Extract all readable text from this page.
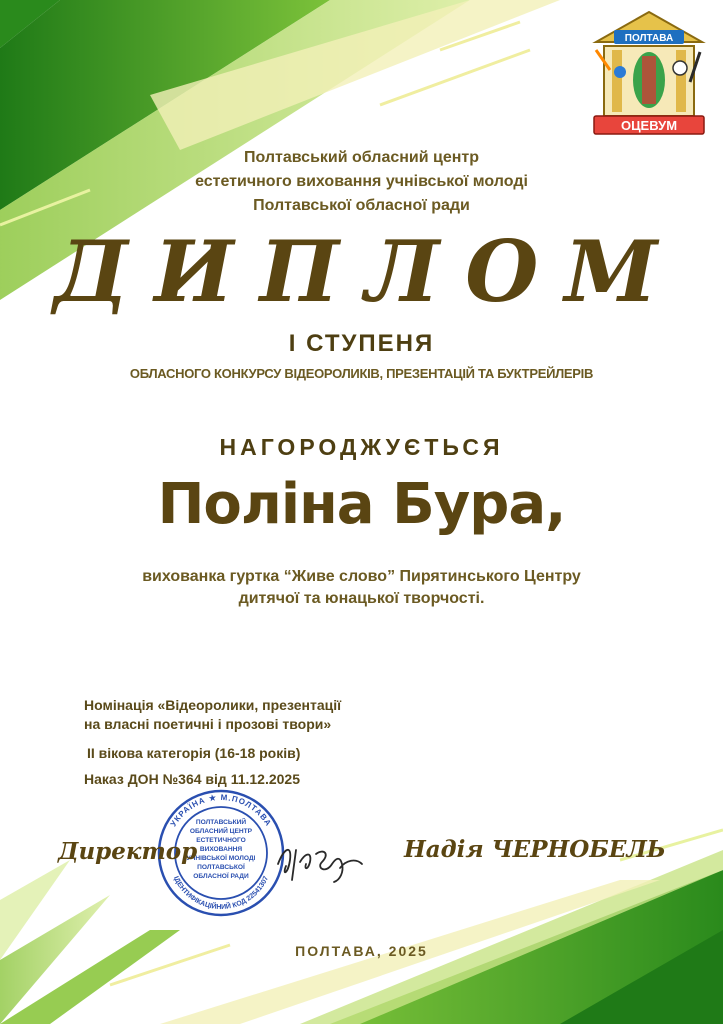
ПОЛТАВА
ОЦЕВУМ

Полтавський обласний центр
естетичного виховання учнівської молоді
Полтавської обласної ради

ДИПЛОМ

І СТУПЕНЯ

ОБЛАСНОГО КОНКУРСУ ВІДЕОРОЛИКІВ, ПРЕЗЕНТАЦІЙ ТА БУКТРЕЙЛЕРІВ

НАГОРОДЖУЄТЬСЯ

Поліна Бура,

вихованка гуртка “Живе слово” Пирятинського Центру
дитячої та юнацької творчості.

Номінація «Відеоролики, презентації
на власні поетичні і прозові твори»

ІІ вікова категорія (16-18 років)

Наказ ДОН №364 від 11.12.2025

УКРАЇНА ★ М.ПОЛТАВА
ІДЕНТИФІКАЦІЙНИЙ КОД 22541307
ПОЛТАВСЬКИЙ
ОБЛАСНИЙ ЦЕНТР
ЕСТЕТИЧНОГО
ВИХОВАННЯ
УЧНІВСЬКОЇ МОЛОДІ
ПОЛТАВСЬКОЇ
ОБЛАСНОЇ РАДИ
Директор	Надія ЧЕРНОБЕЛЬ

ПОЛТАВА, 2025
